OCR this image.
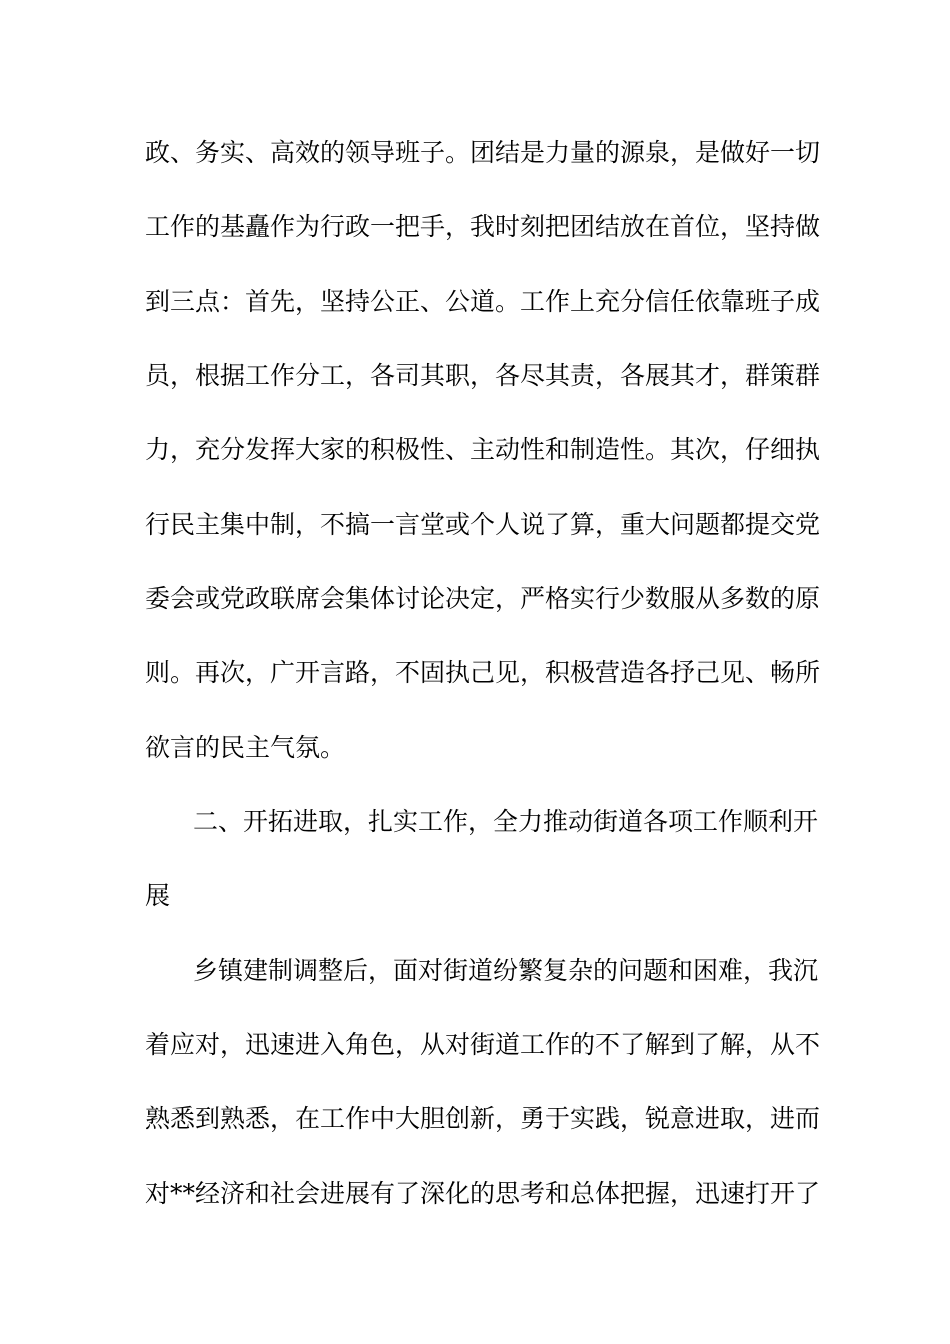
政、务实、高效的领导班子。团结是力量的源泉，是做好一切
工作的基矗作为行政一把手，我时刻把团结放在首位，坚持做
到三点：首先，坚持公正、公道。工作上充分信任依靠班子成
员，根据工作分工，各司其职，各尽其责，各展其才，群策群
力，充分发挥大家的积极性、主动性和制造性。其次，仔细执
行民主集中制，不搞一言堂或个人说了算，重大问题都提交党
委会或党政联席会集体讨论决定，严格实行少数服从多数的原
则。再次，广开言路，不固执己见，积极营造各抒己见、畅所
欲言的民主气氛。
二、开拓进取，扎实工作，全力推动街道各项工作顺利开
展
乡镇建制调整后，面对街道纷繁复杂的问题和困难，我沉
着应对，迅速进入角色，从对街道工作的不了解到了解，从不
熟悉到熟悉，在工作中大胆创新，勇于实践，锐意进取，进而
对**经济和社会进展有了深化的思考和总体把握，迅速打开了
